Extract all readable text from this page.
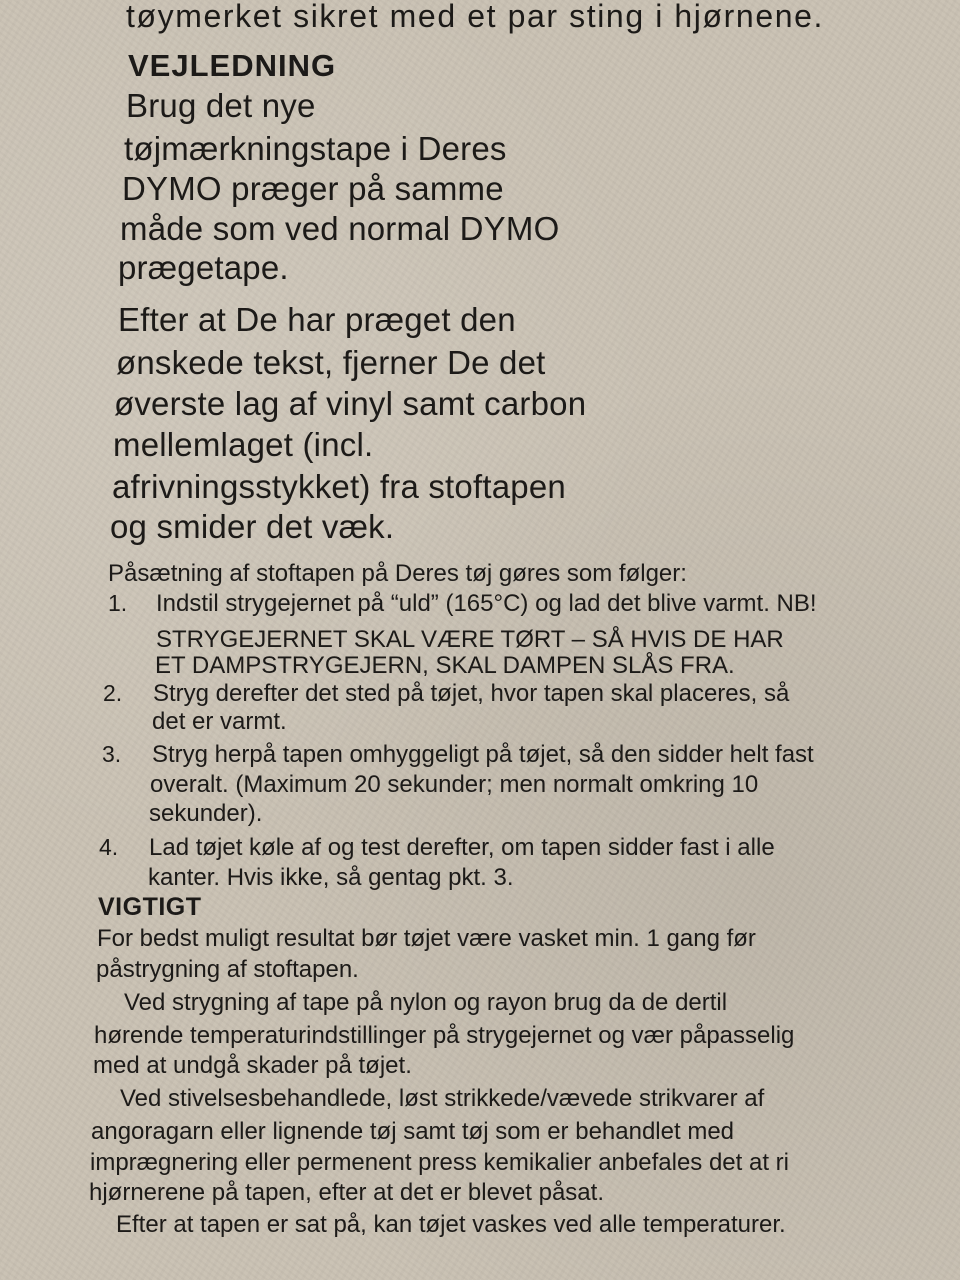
tøymerket sikret med et par sting i hjørnene.

VEJLEDNING

Brug det nye

tøjmærkningstape i Deres

DYMO præger på samme

måde som ved normal DYMO

prægetape.

Efter at De har præget den

ønskede tekst, fjerner De det

øverste lag af vinyl samt carbon

mellemlaget (incl.

afrivningsstykket) fra stoftapen

og smider det væk.

Påsætning af stoftapen på Deres tøj gøres som følger:

1. Indstil strygejernet på “uld” (165°C) og lad det blive varmt. NB!

STRYGEJERNET SKAL VÆRE TØRT – SÅ HVIS DE HAR

ET DAMPSTRYGEJERN, SKAL DAMPEN SLÅS FRA.

2. Stryg derefter det sted på tøjet, hvor tapen skal placeres, så

det er varmt.

3. Stryg herpå tapen omhyggeligt på tøjet, så den sidder helt fast

overalt. (Maximum 20 sekunder; men normalt omkring 10

sekunder).

4. Lad tøjet køle af og test derefter, om tapen sidder fast i alle

kanter. Hvis ikke, så gentag pkt. 3.

VIGTIGT

For bedst muligt resultat bør tøjet være vasket min. 1 gang før

påstrygning af stoftapen.

Ved strygning af tape på nylon og rayon brug da de dertil

hørende temperaturindstillinger på strygejernet og vær påpasselig

med at undgå skader på tøjet.

Ved stivelsesbehandlede, løst strikkede/vævede strikvarer af

angoragarn eller lignende tøj samt tøj som er behandlet med

imprægnering eller permenent press kemikalier anbefales det at ri

hjørnerene på tapen, efter at det er blevet påsat.

Efter at tapen er sat på, kan tøjet vaskes ved alle temperaturer.
